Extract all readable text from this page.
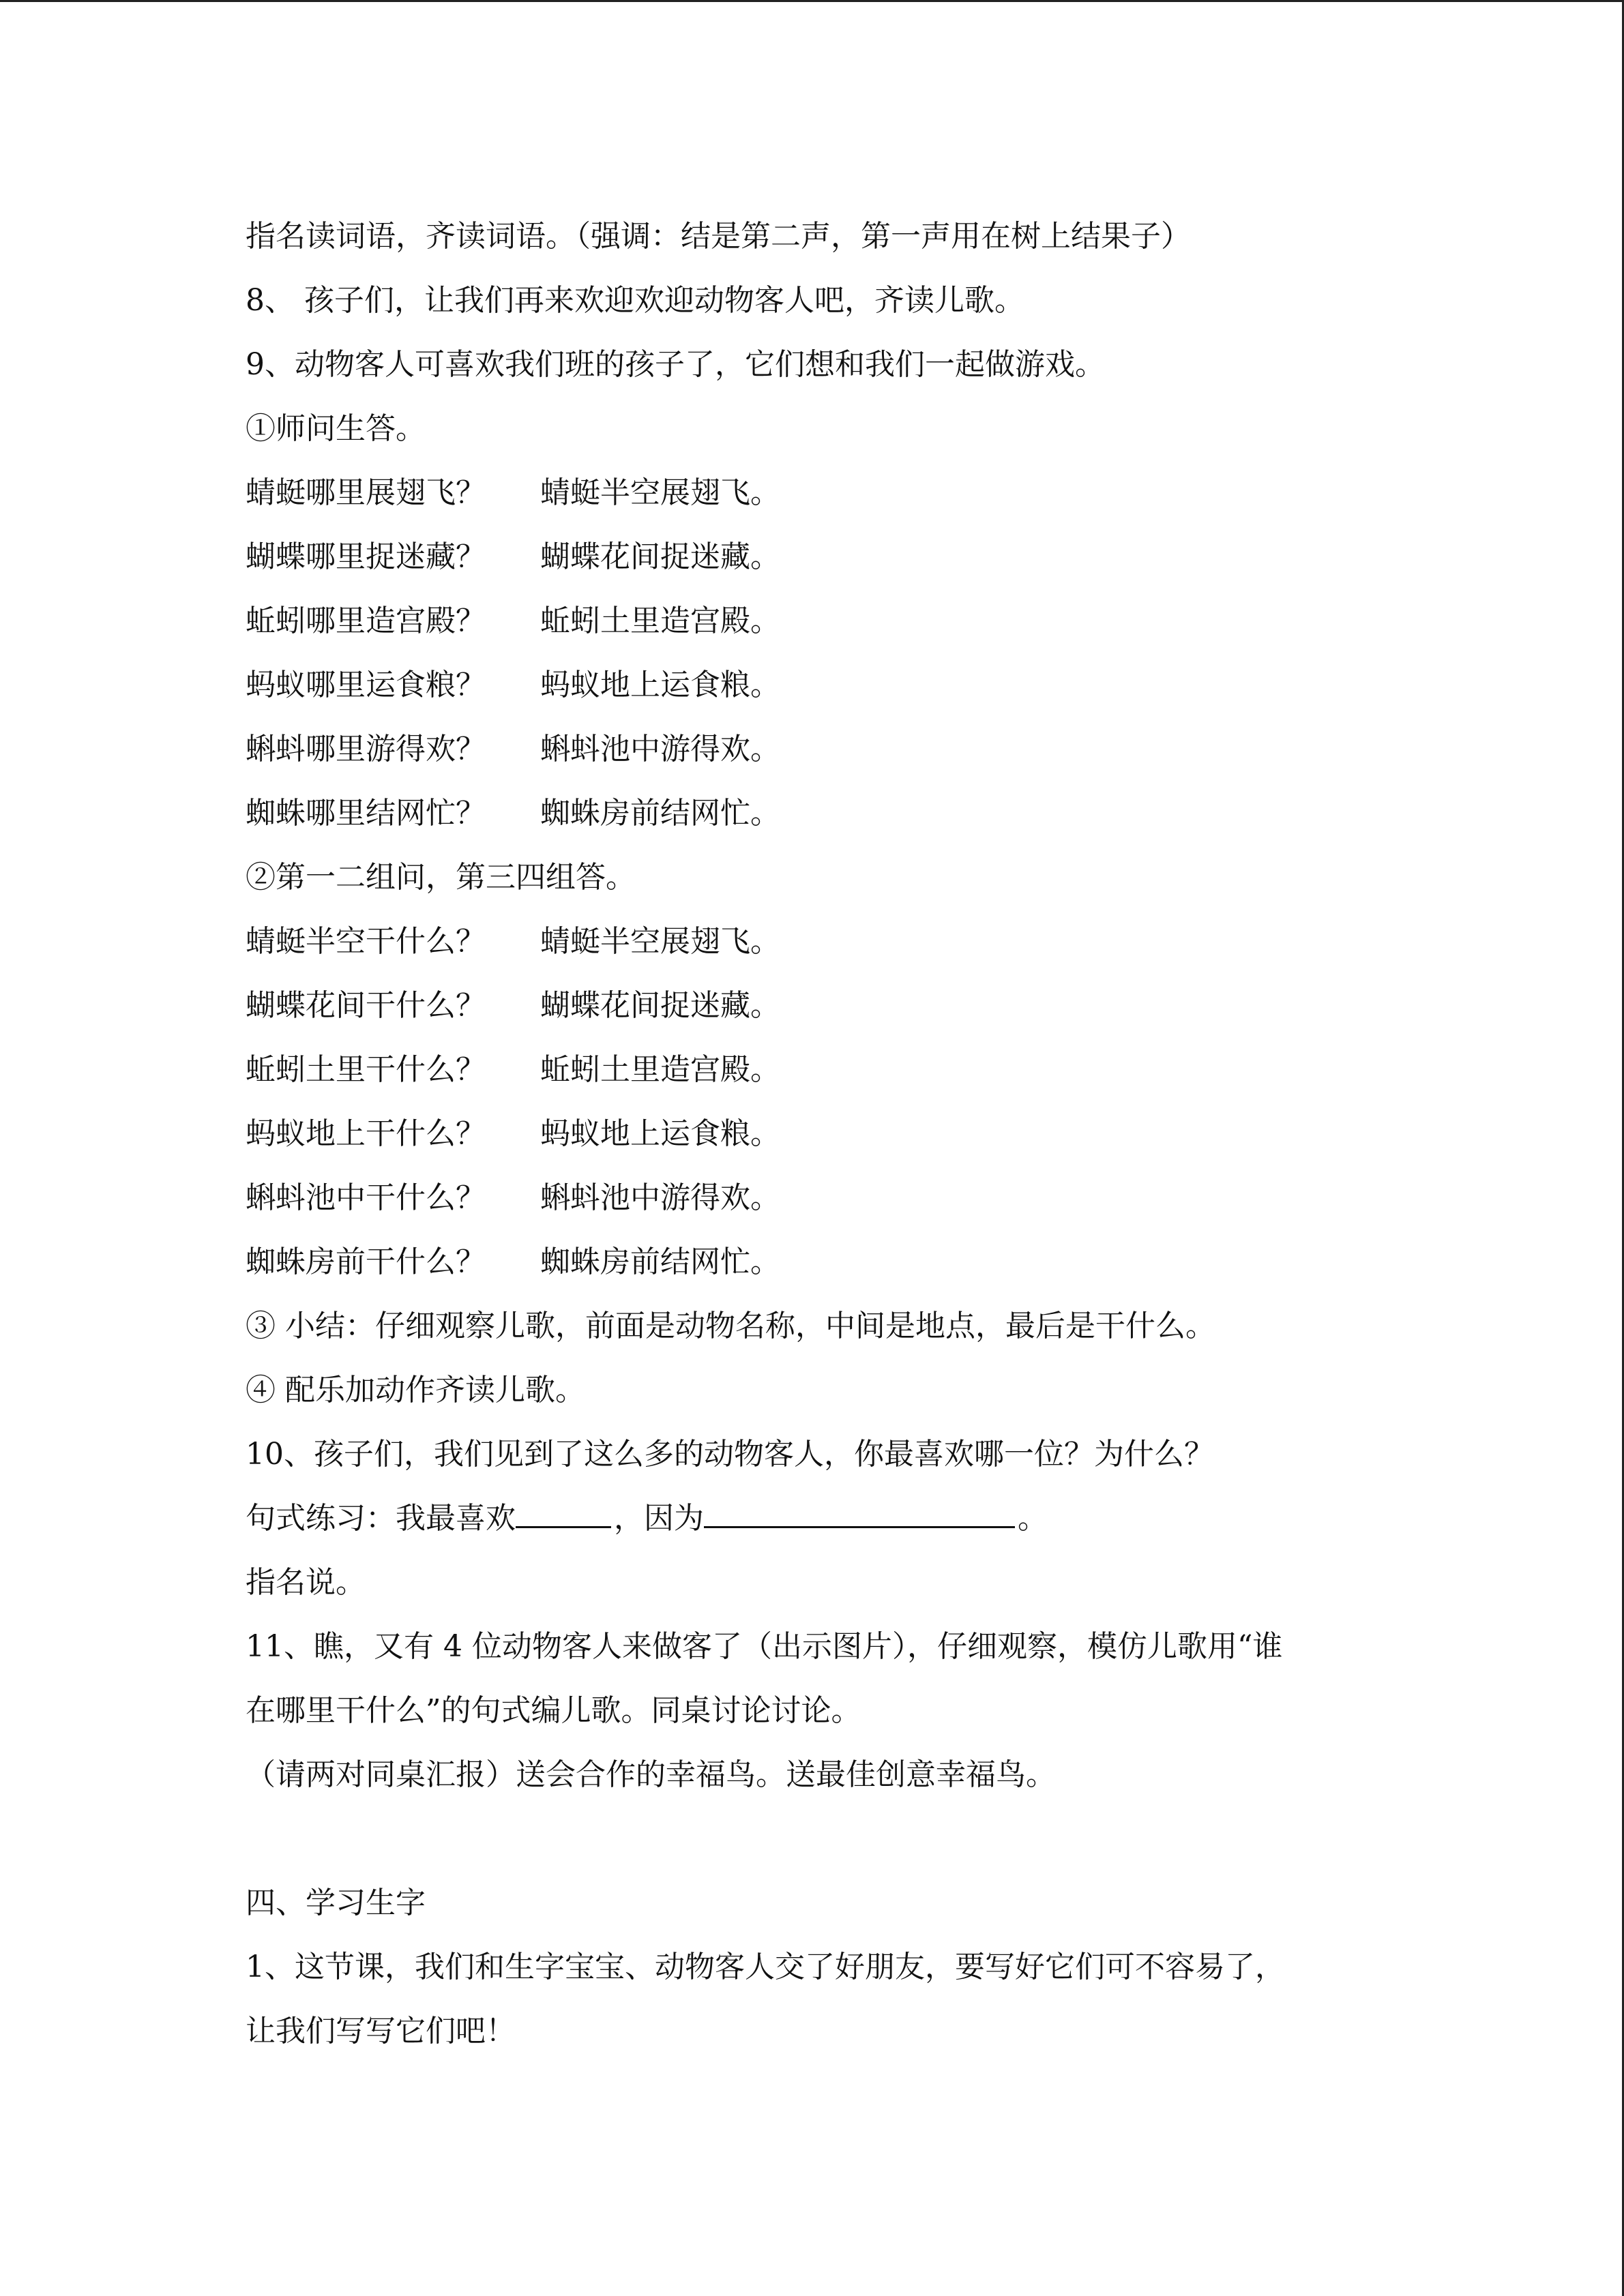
指名读词语，齐读词语。（强调：结是第二声，第一声用在树上结果子）
8、 孩子们，让我们再来欢迎欢迎动物客人吧，齐读儿歌。
9、动物客人可喜欢我们班的孩子了，它们想和我们一起做游戏。
①师问生答。
蜻蜓哪里展翅飞？ 蜻蜓半空展翅飞。
蝴蝶哪里捉迷藏？ 蝴蝶花间捉迷藏。
蚯蚓哪里造宫殿？ 蚯蚓土里造宫殿。
蚂蚁哪里运食粮？ 蚂蚁地上运食粮。
蝌蚪哪里游得欢？ 蝌蚪池中游得欢。
蜘蛛哪里结网忙？ 蜘蛛房前结网忙。
②第一二组问，第三四组答。
蜻蜓半空干什么？ 蜻蜓半空展翅飞。
蝴蝶花间干什么？ 蝴蝶花间捉迷藏。
蚯蚓土里干什么？ 蚯蚓土里造宫殿。
蚂蚁地上干什么？ 蚂蚁地上运食粮。
蝌蚪池中干什么？ 蝌蚪池中游得欢。
蜘蛛房前干什么？ 蜘蛛房前结网忙。
③ 小结：仔细观察儿歌，前面是动物名称，中间是地点，最后是干什么。
④ 配乐加动作齐读儿歌。
10、孩子们，我们见到了这么多的动物客人，你最喜欢哪一位？为什么？
句式练习：我最喜欢	，因为	。
指名说。
11、瞧，又有 4 位动物客人来做客了（出示图片），仔细观察，模仿儿歌用“谁
在哪里干什么”的句式编儿歌。同桌讨论讨论。
（请两对同桌汇报）送会合作的幸福鸟。送最佳创意幸福鸟。
四、学习生字
1、这节课，我们和生字宝宝、动物客人交了好朋友，要写好它们可不容易了，
让我们写写它们吧！
